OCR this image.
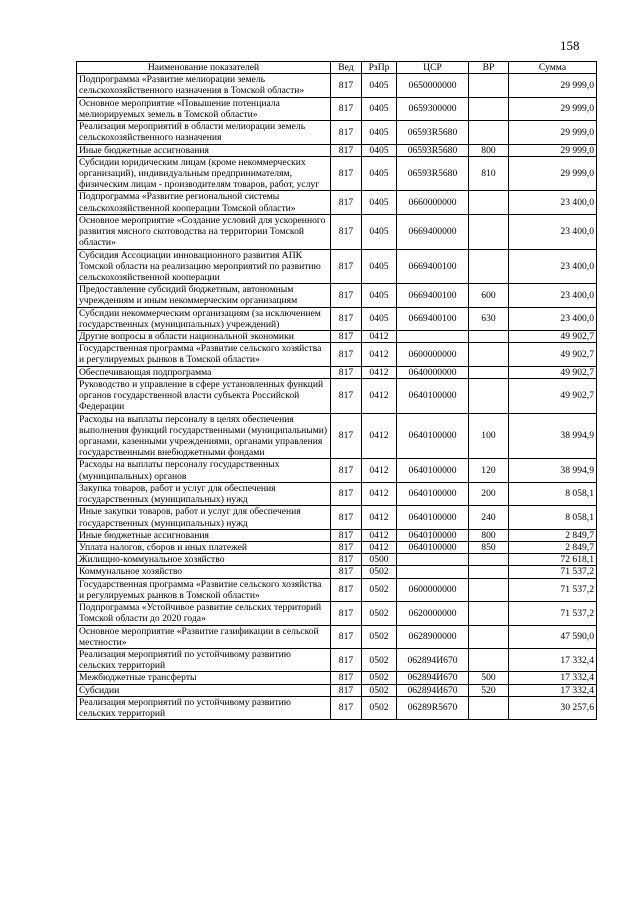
158
Наименование показателей	Вед	РзПр	ЦСР	ВР	Сумма
Подпрограмма «Развитие мелиорации земель сельскохозяйственного назначения в Томской области»	817	0405	0650000000		29 999,0
Основное мероприятие «Повышение потенциала мелиорируемых земель в Томской области»	817	0405	0659300000		29 999,0
Реализация мероприятий в области мелиорации земель сельскохозяйственного назначения	817	0405	06593R5680		29 999,0
Иные бюджетные ассигнования	817	0405	06593R5680	800	29 999,0
Субсидии юридическим лицам (кроме некоммерческих организаций), индивидуальным предпринимателям, физическим лицам - производителям товаров, работ, услуг	817	0405	06593R5680	810	29 999,0
Подпрограмма «Развитие региональной системы сельскохозяйственной кооперации Томской области»	817	0405	0660000000		23 400,0
Основное мероприятие «Создание условий для ускоренного развития мясного скотоводства на территории Томской области»	817	0405	0669400000		23 400,0
Субсидия Ассоциации инновационного развития АПК Томской области на реализацию мероприятий по развитию сельскохозяйственной кооперации	817	0405	0669400100		23 400,0
Предоставление субсидий бюджетным, автономным учреждениям и иным некоммерческим организациям	817	0405	0669400100	600	23 400,0
Субсидии некоммерческим организациям (за исключением государственных (муниципальных) учреждений)	817	0405	0669400100	630	23 400,0
Другие вопросы в области национальной экономики	817	0412			49 902,7
Государственная программа «Развитие сельского хозяйства и регулируемых рынков в Томской области»	817	0412	0600000000		49 902,7
Обеспечивающая подпрограмма	817	0412	0640000000		49 902,7
Руководство и управление в сфере установленных функций органов государственной власти субъекта Российской Федерации	817	0412	0640100000		49 902,7
Расходы на выплаты персоналу в целях обеспечения выполнения функций государственными (муниципальными) органами, казенными учреждениями, органами управления государственными внебюджетными фондами	817	0412	0640100000	100	38 994,9
Расходы на выплаты персоналу государственных (муниципальных) органов	817	0412	0640100000	120	38 994,9
Закупка товаров, работ и услуг для обеспечения государственных (муниципальных) нужд	817	0412	0640100000	200	8 058,1
Иные закупки товаров, работ и услуг для обеспечения государственных (муниципальных) нужд	817	0412	0640100000	240	8 058,1
Иные бюджетные ассигнования	817	0412	0640100000	800	2 849,7
Уплата налогов, сборов и иных платежей	817	0412	0640100000	850	2 849,7
Жилищно-коммунальное хозяйство	817	0500			72 618,1
Коммунальное хозяйство	817	0502			71 537,2
Государственная программа «Развитие сельского хозяйства и регулируемых рынков в Томской области»	817	0502	0600000000		71 537,2
Подпрограмма «Устойчивое развитие сельских территорий Томской области до 2020 года»	817	0502	0620000000		71 537,2
Основное мероприятие «Развитие газификации в сельской местности»	817	0502	0628900000		47 590,0
Реализация мероприятий по устойчивому развитию сельских территорий	817	0502	062894И670		17 332,4
Межбюджетные трансферты	817	0502	062894И670	500	17 332,4
Субсидии	817	0502	062894И670	520	17 332,4
Реализация мероприятий по устойчивому развитию сельских территорий	817	0502	06289R5670		30 257,6
